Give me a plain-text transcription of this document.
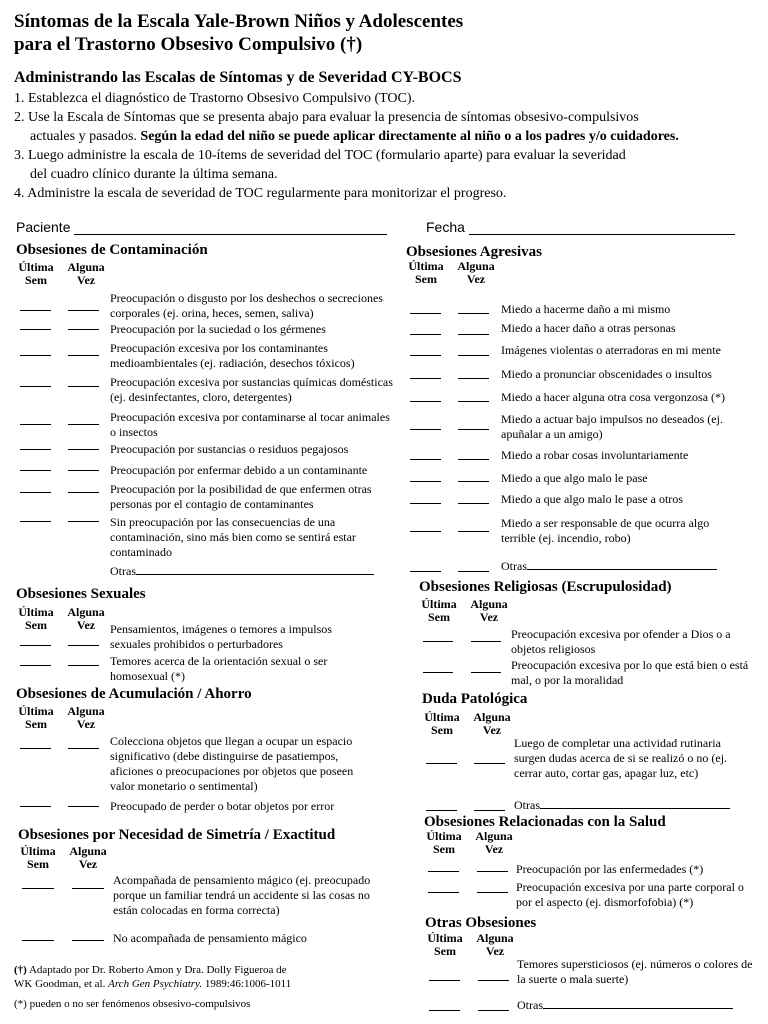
Síntomas de la Escala Yale-Brown Niños y Adolescentes
para el Trastorno Obsesivo Compulsivo (†)
Administrando las Escalas de Síntomas y de Severidad CY-BOCS
1. Establezca el diagnóstico de Trastorno Obsesivo Compulsivo (TOC).
2. Use la Escala de Síntomas que se presenta abajo para evaluar la presencia de síntomas obsesivo-compulsivos
actuales y pasados. Según la edad del niño se puede aplicar directamente al niño o a los padres y/o cuidadores.
3. Luego administre la escala de 10-ítems de severidad del TOC (formulario aparte) para evaluar la severidad
del cuadro clínico durante la última semana.
4. Administre la escala de severidad de TOC regularmente para monitorizar el progreso.
Paciente	Fecha
Obsesiones de Contaminación
Última
Sem
Alguna
Vez
Preocupación o disgusto por los deshechos o secreciones corporales (ej. orina, heces, semen, saliva)
Preocupación por la suciedad o los gérmenes
Preocupación excesiva por los contaminantes medioambientales (ej. radiación, desechos tóxicos)
Preocupación excesiva por sustancias químicas domésticas (ej. desinfectantes, cloro, detergentes)
Preocupación excesiva por contaminarse al tocar animales o insectos
Preocupación por sustancias o residuos pegajosos
Preocupación por enfermar debido a un contaminante
Preocupación por la posibilidad de que enfermen otras personas por el contagio de contaminantes
Sin preocupación por las consecuencias de una contaminación, sino más bien como se sentirá estar contaminado
Otras
Obsesiones Sexuales
Última
Sem
Alguna
Vez	Pensamientos, imágenes o temores a impulsos sexuales prohibidos o perturbadores
Temores acerca de la orientación sexual o ser homosexual (*)
Obsesiones de Acumulación / Ahorro
Última
Sem
Alguna
Vez
Colecciona objetos que llegan a ocupar un espacio significativo (debe distinguirse de pasatiempos, aficiones o preocupaciones por objetos que poseen valor monetario o sentimental)
Preocupado de perder o botar objetos por error
Obsesiones por Necesidad de Simetría / Exactitud
Última
Sem
Alguna
Vez
Acompañada de pensamiento mágico (ej. preocupado porque un familiar tendrá un accidente si las cosas no están colocadas en forma correcta)
No acompañada de pensamiento mágico
Obsesiones Agresivas
Última
Sem
Alguna
Vez
Miedo a hacerme daño a mi mismo
Miedo a hacer daño a otras personas
Imágenes violentas o aterradoras en mi mente
Miedo a pronunciar obscenidades o insultos
Miedo a hacer alguna otra cosa vergonzosa (*)
Miedo a actuar bajo impulsos no deseados (ej. apuñalar a un amigo)
Miedo a robar cosas involuntariamente
Miedo a que algo malo le pase
Miedo a que algo malo le pase a otros
Miedo a ser responsable de que ocurra algo terrible (ej. incendio, robo)
Otras
Obsesiones Religiosas (Escrupulosidad)
Última
Sem
Alguna
Vez
Preocupación excesiva por ofender a Dios o a objetos religiosos
Preocupación excesiva por lo que está bien o está mal, o por la moralidad
Duda Patológica
Última
Sem
Alguna
Vez
Luego de completar una actividad rutinaria surgen dudas acerca de si se realizó o no (ej. cerrar auto, cortar gas, apagar luz, etc)
Otras
Obsesiones Relacionadas con la Salud
Última
Sem
Alguna
Vez
Preocupación por las enfermedades (*)
Preocupación excesiva por una parte corporal o por el aspecto (ej. dismorfofobia) (*)
Otras Obsesiones
Última
Sem
Alguna
Vez
Temores supersticiosos (ej. números o colores de la suerte o mala suerte)
Otras
(†) Adaptado por Dr. Roberto Amon y Dra. Dolly Figueroa de
WK Goodman, et al. Arch Gen Psychiatry. 1989:46:1006-1011
(*) pueden o no ser fenómenos obsesivo-compulsivos
